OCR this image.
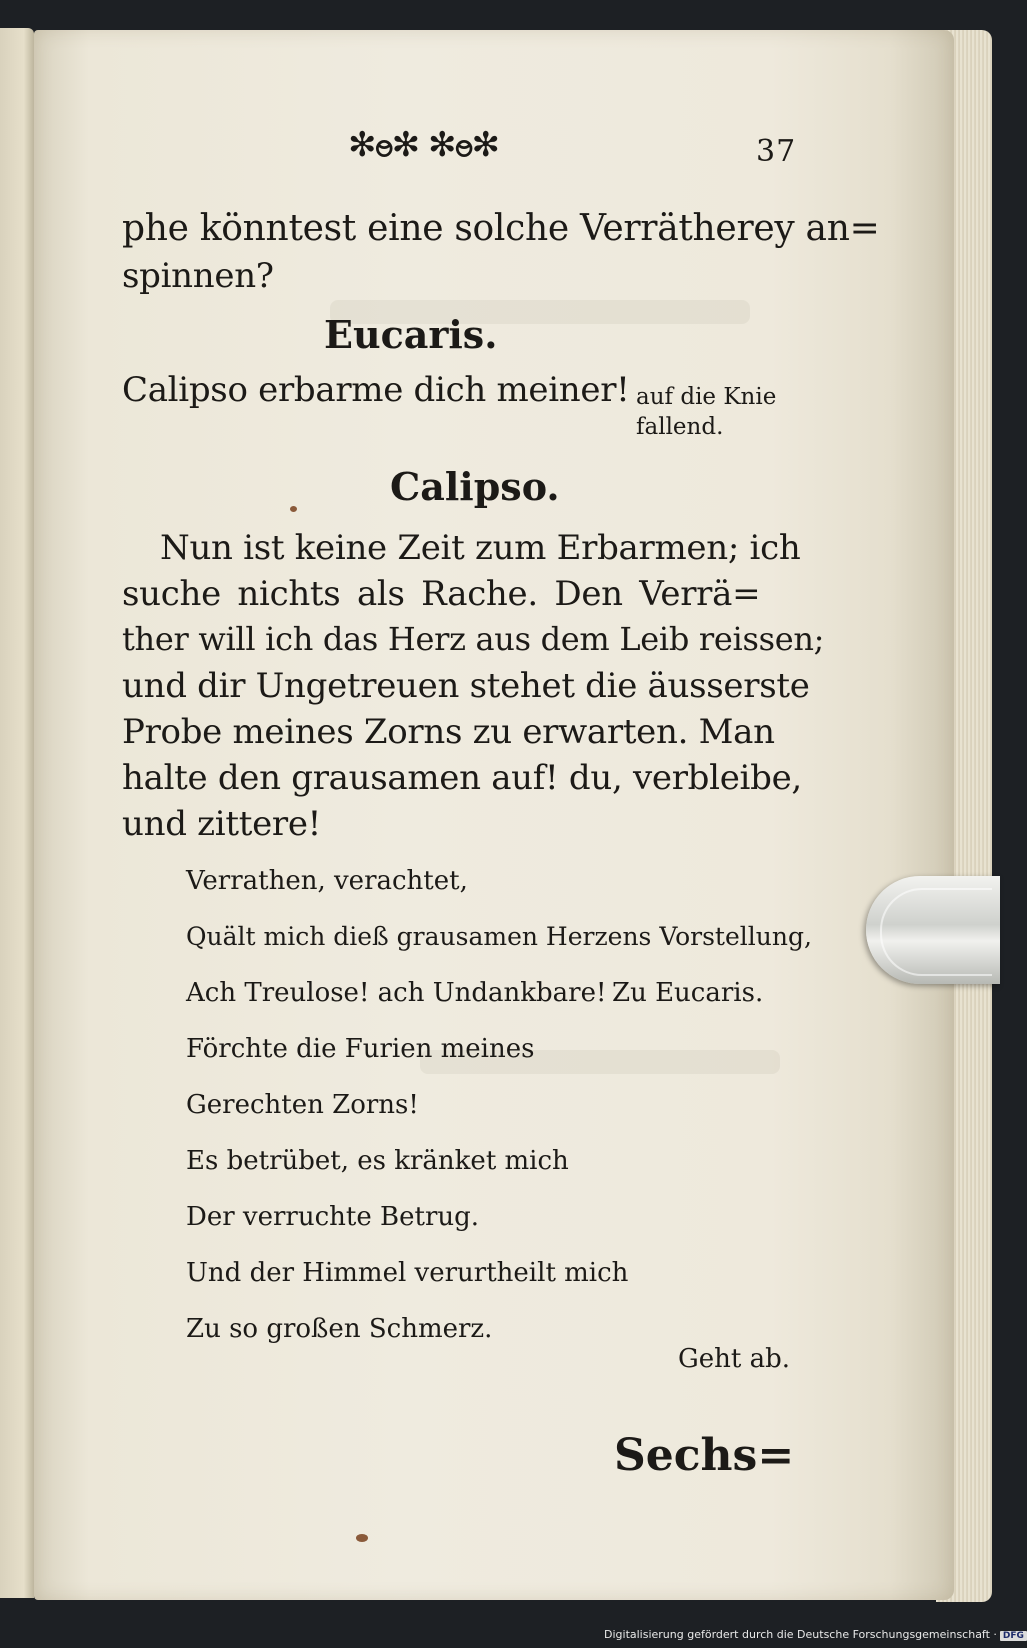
✻ႎ✻ ✻ႎ✻	37
phe könntest eine solche Verrätherey an=
spinnen?
Eucaris.
Calipso erbarme dich meiner! auf die Knie
fallend.
Calipso.
Nun ist keine Zeit zum Erbarmen; ich
suche nichts als Rache. Den Verrä=
ther will ich das Herz aus dem Leib reissen;
und dir Ungetreuen stehet die äusserste
Probe meines Zorns zu erwarten. Man
halte den grausamen auf! du, verbleibe,
und zittere!
Verrathen, verachtet,
Quält mich dieß grausamen Herzens Vorstellung,
Ach Treulose! ach Undankbare! Zu Eucaris.
Förchte die Furien meines
Gerechten Zorns!
Es betrübet, es kränket mich
Der verruchte Betrug.
Und der Himmel verurtheilt mich
Zu so großen Schmerz.
Geht ab.
Sechs=
Digitalisierung gefördert durch die Deutsche Forschungsgemeinschaft · DFG
